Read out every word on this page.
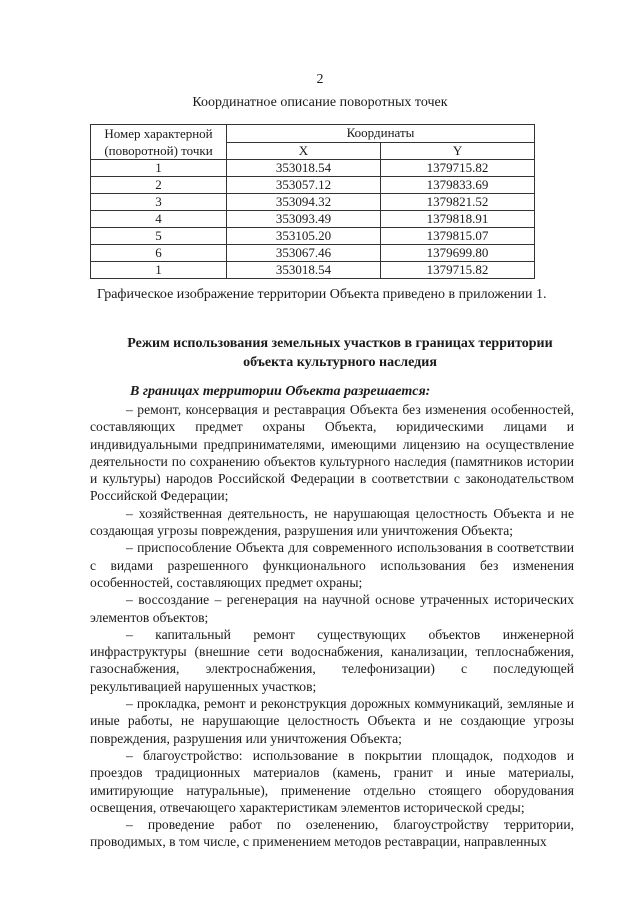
2
Координатное описание поворотных точек
Номер характерной
(поворотной) точки	Координаты	
	X	Y
1	353018.54	1379715.82
2	353057.12	1379833.69
3	353094.32	1379821.52
4	353093.49	1379818.91
5	353105.20	1379815.07
6	353067.46	1379699.80
1	353018.54	1379715.82
Графическое изображение территории Объекта приведено в приложении 1.
Режим использования земельных участков в границах территории
объекта культурного наследия
В границах территории Объекта разрешается:

– ремонт, консервация и реставрация Объекта без изменения особенностей, составляющих предмет охраны Объекта, юридическими лицами и индивидуальными предпринимателями, имеющими лицензию на осуществление деятельности по сохранению объектов культурного наследия (памятников истории и культуры) народов Российской Федерации в соответствии с законодательством Российской Федерации;

– хозяйственная деятельность, не нарушающая целостность Объекта и не создающая угрозы повреждения, разрушения или уничтожения Объекта;

– приспособление Объекта для современного использования в соответствии с видами разрешенного функционального использования без изменения особенностей, составляющих предмет охраны;

– воссоздание – регенерация на научной основе утраченных исторических элементов объектов;

– капитальный ремонт существующих объектов инженерной инфраструктуры (внешние сети водоснабжения, канализации, теплоснабжения, газоснабжения, электроснабжения, телефонизации) с последующей рекультивацией нарушенных участков;

– прокладка, ремонт и реконструкция дорожных коммуникаций, земляные и иные работы, не нарушающие целостность Объекта и не создающие угрозы повреждения, разрушения или уничтожения Объекта;

– благоустройство: использование в покрытии площадок, подходов и проездов традиционных материалов (камень, гранит и иные материалы, имитирующие натуральные), применение отдельно стоящего оборудования освещения, отвечающего характеристикам элементов исторической среды;

– проведение работ по озеленению, благоустройству территории, проводимых, в том числе, с применением методов реставрации, направленных
